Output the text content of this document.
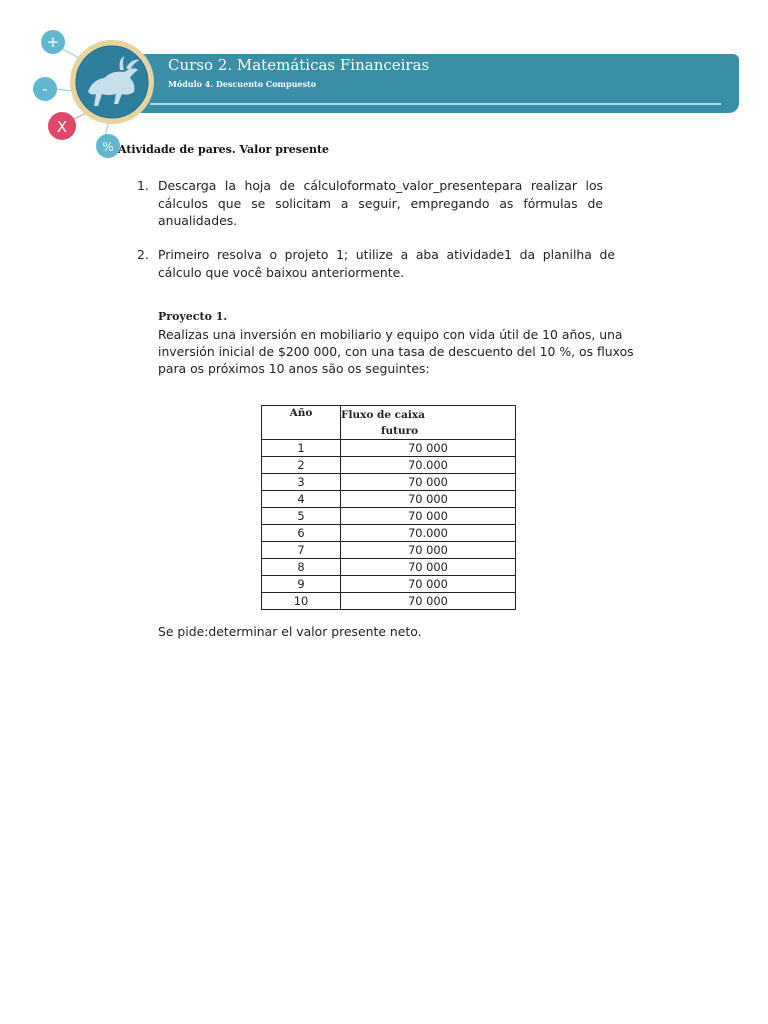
+
-
X
%
Curso 2. Matemáticas Financeiras
Módulo 4. Descuento Compuesto
Atividade de pares. Valor presente
1. Descarga la hoja de cálculoformato_valor_presentepara realizar los cálculos que se solicitam a seguir, empregando as fórmulas de anualidades.
2. Primeiro resolva o projeto 1; utilize a aba atividade1 da planilha de cálculo que você baixou anteriormente.
Proyecto 1.
Realizas una inversión en mobiliario y equipo con vida útil de 10 años, una inversión inicial de $200 000, con una tasa de descuento del 10 %, os fluxos para os próximos 10 anos são os seguintes:
Año	Fluxo de caixa
futuro

1	70 000
2	70.000
3	70 000
4	70 000
5	70 000
6	70.000
7	70 000
8	70 000
9	70 000
10	70 000
Se pide:determinar el valor presente neto.
